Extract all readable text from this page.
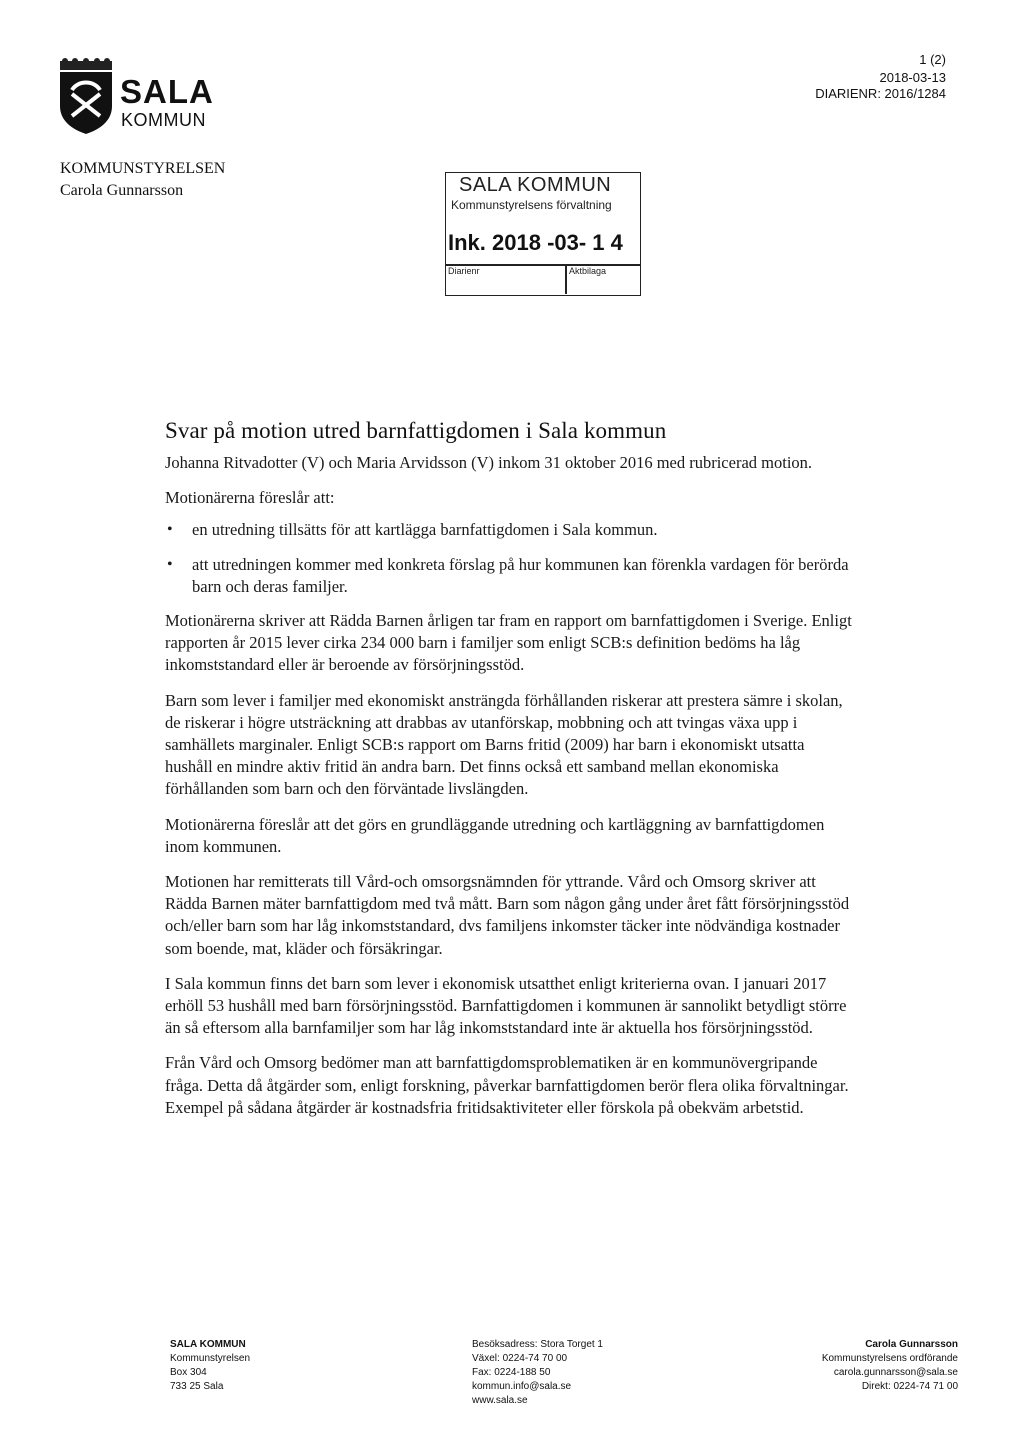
SALA
KOMMUN
1 (2)
2018-03-13
DIARIENR: 2016/1284
KOMMUNSTYRELSEN
Carola Gunnarsson	SALA KOMMUN
Kommunstyrelsens förvaltning
Ink. 2018 -03- 1 4
Diarienr	Aktbilaga
Svar på motion utred barnfattigdomen i Sala kommun

Johanna Ritvadotter (V) och Maria Arvidsson (V) inkom 31 oktober 2016 med rubricerad motion.

Motionärerna föreslår att:

• en utredning tillsätts för att kartlägga barnfattigdomen i Sala kommun.
• att utredningen kommer med konkreta förslag på hur kommunen kan förenkla vardagen för berörda barn och deras familjer.

Motionärerna skriver att Rädda Barnen årligen tar fram en rapport om barnfattigdomen i Sverige. Enligt rapporten år 2015 lever cirka 234 000 barn i familjer som enligt SCB:s definition bedöms ha låg inkomststandard eller är beroende av försörjningsstöd.

Barn som lever i familjer med ekonomiskt ansträngda förhållanden riskerar att prestera sämre i skolan, de riskerar i högre utsträckning att drabbas av utanförskap, mobbning och att tvingas växa upp i samhällets marginaler. Enligt SCB:s rapport om Barns fritid (2009) har barn i ekonomiskt utsatta hushåll en mindre aktiv fritid än andra barn. Det finns också ett samband mellan ekonomiska förhållanden som barn och den förväntade livslängden.

Motionärerna föreslår att det görs en grundläggande utredning och kartläggning av barnfattigdomen inom kommunen.

Motionen har remitterats till Vård-och omsorgsnämnden för yttrande. Vård och Omsorg skriver att Rädda Barnen mäter barnfattigdom med två mått. Barn som någon gång under året fått försörjningsstöd och/eller barn som har låg inkomststandard, dvs familjens inkomster täcker inte nödvändiga kostnader som boende, mat, kläder och försäkringar.

I Sala kommun finns det barn som lever i ekonomisk utsatthet enligt kriterierna ovan. I januari 2017 erhöll 53 hushåll med barn försörjningsstöd. Barnfattigdomen i kommunen är sannolikt betydligt större än så eftersom alla barnfamiljer som har låg inkomststandard inte är aktuella hos försörjningsstöd.

Från Vård och Omsorg bedömer man att barnfattigdomsproblematiken är en kommunövergripande fråga. Detta då åtgärder som, enligt forskning, påverkar barnfattigdomen berör flera olika förvaltningar. Exempel på sådana åtgärder är kostnadsfria fritidsaktiviteter eller förskola på obekväm arbetstid.

SALA KOMMUN
Kommunstyrelsen
Box 304
733 25 Sala
Besöksadress: Stora Torget 1
Växel: 0224-74 70 00
Fax: 0224-188 50
kommun.info@sala.se
www.sala.se
Carola Gunnarsson
Kommunstyrelsens ordförande
carola.gunnarsson@sala.se
Direkt: 0224-74 71 00
